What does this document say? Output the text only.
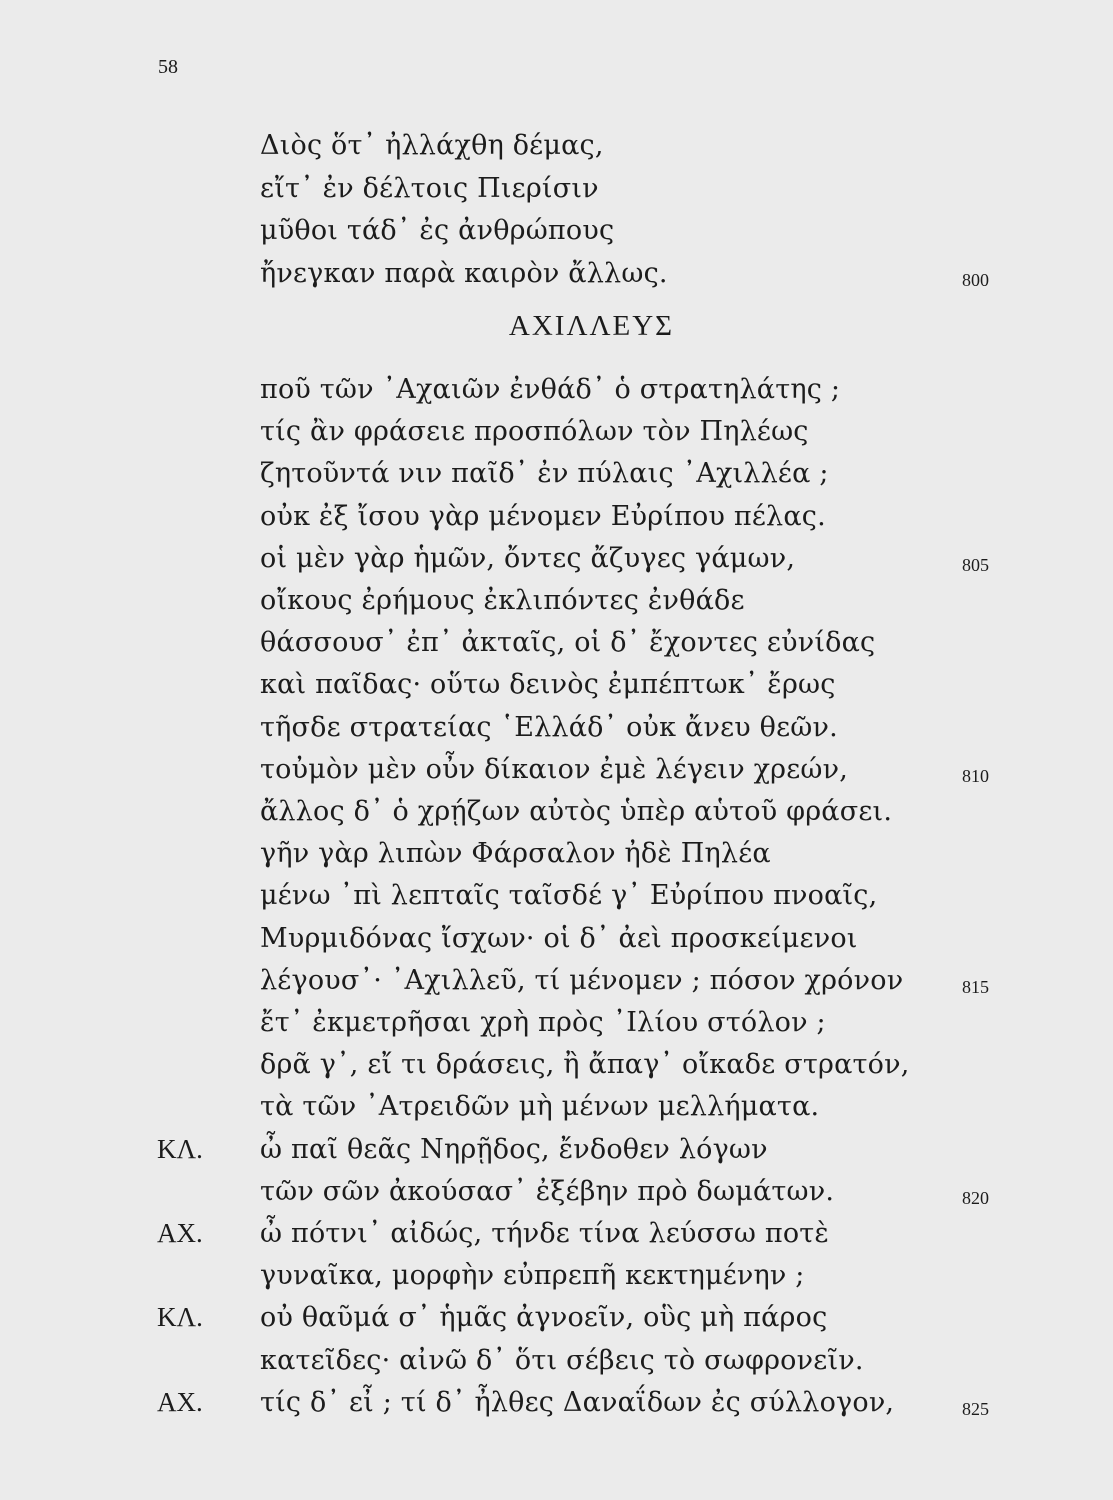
58
Διὸς ὅτ᾽ ἠλλάχθη δέμας,
εἴτ᾽ ἐν δέλτοις Πιερίσιν
μῦθοι τάδ᾽ ἐς ἀνθρώπους
ἤνεγκαν παρὰ καιρὸν ἄλλως.	800
ΑΧΙΛΛΕΥΣ
ποῦ τῶν ᾽Αχαιῶν ἐνθάδ᾽ ὁ στρατηλάτης ;
τίς ἂν φράσειε προσπόλων τὸν Πηλέως
ζητοῦντά νιν παῖδ᾽ ἐν πύλαις ᾽Αχιλλέα ;
οὐκ ἐξ ἴσου γὰρ μένομεν Εὐρίπου πέλας.
οἱ μὲν γὰρ ἡμῶν, ὄντες ἄζυγες γάμων,	805
οἴκους ἐρήμους ἐκλιπόντες ἐνθάδε
θάσσουσ᾽ ἐπ᾽ ἀκταῖς, οἱ δ᾽ ἔχοντες εὐνίδας
καὶ παῖδας· οὕτω δεινὸς ἐμπέπτωκ᾽ ἔρως
τῆσδε στρατείας ῾Ελλάδ᾽ οὐκ ἄνευ θεῶν.
τοὐμὸν μὲν οὖν δίκαιον ἐμὲ λέγειν χρεών,	810
ἄλλος δ᾽ ὁ χρῄζων αὐτὸς ὑπὲρ αὑτοῦ φράσει.
γῆν γὰρ λιπὼν Φάρσαλον ἠδὲ Πηλέα
μένω ᾽πὶ λεπταῖς ταῖσδέ γ᾽ Εὐρίπου πνοαῖς,
Μυρμιδόνας ἴσχων· οἱ δ᾽ ἀεὶ προσκείμενοι
λέγουσ᾽· ᾽Αχιλλεῦ, τί μένομεν ; πόσον χρόνον	815
ἔτ᾽ ἐκμετρῆσαι χρὴ πρὸς ᾽Ιλίου στόλον ;
δρᾶ γ᾽, εἴ τι δράσεις, ἢ ἄπαγ᾽ οἴκαδε στρατόν,
τὰ τῶν ᾽Ατρειδῶν μὴ μένων μελλήματα.
ΚΛ. ὦ παῖ θεᾶς Νηρῇδος, ἔνδοθεν λόγων
τῶν σῶν ἀκούσασ᾽ ἐξέβην πρὸ δωμάτων.	820
ΑΧ. ὦ πότνι᾽ αἰδώς, τήνδε τίνα λεύσσω ποτὲ
γυναῖκα, μορφὴν εὐπρεπῆ κεκτημένην ;
ΚΛ. οὐ θαῦμά σ᾽ ἡμᾶς ἀγνοεῖν, οὓς μὴ πάρος
κατεῖδες· αἰνῶ δ᾽ ὅτι σέβεις τὸ σωφρονεῖν.
ΑΧ. τίς δ᾽ εἶ ; τί δ᾽ ἦλθες Δαναΐδων ἐς σύλλογον,	825
